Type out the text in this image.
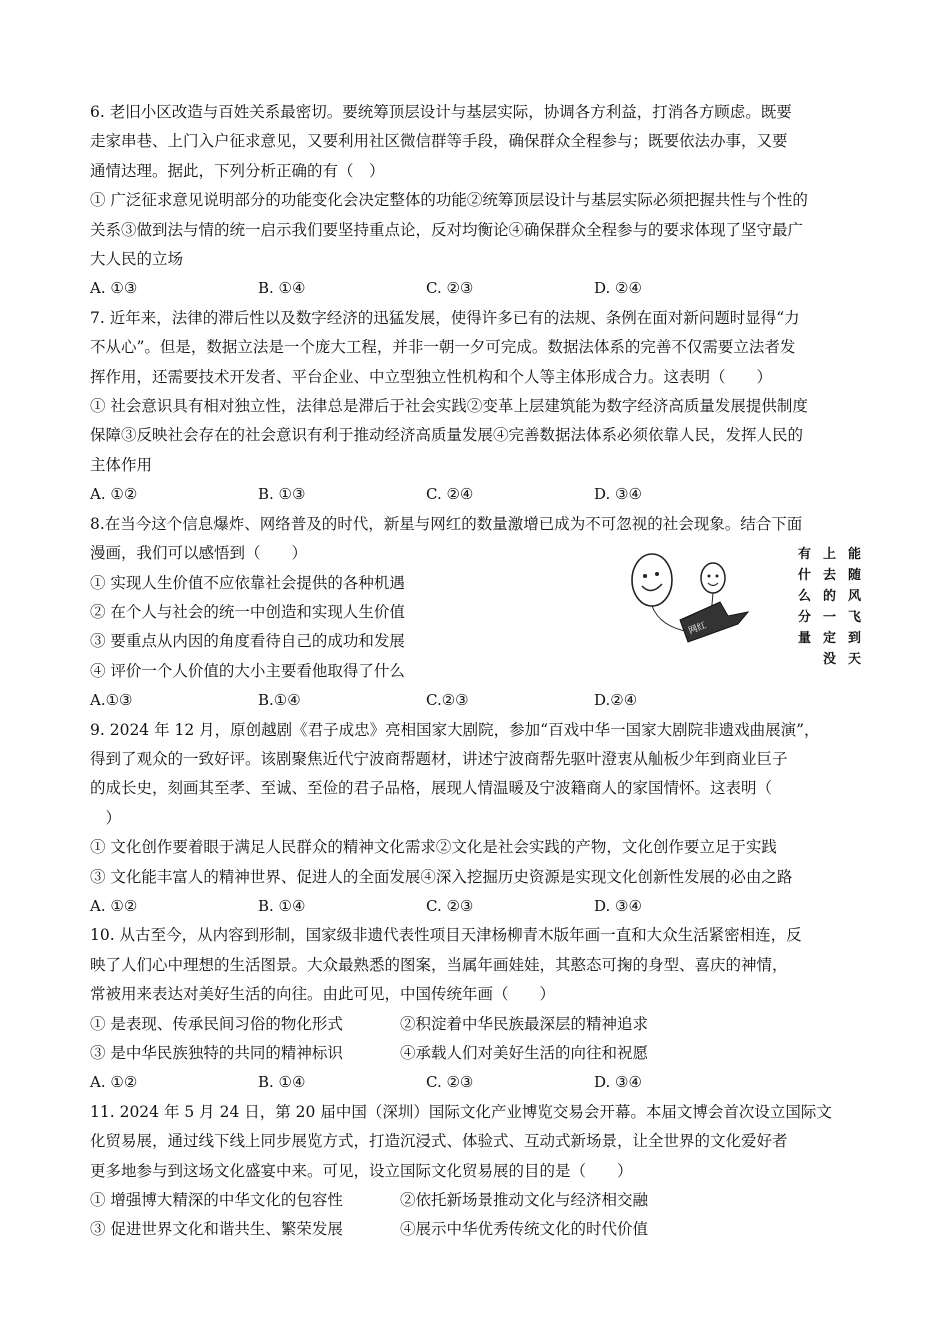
6. 老旧小区改造与百姓关系最密切。要统筹顶层设计与基层实际，协调各方利益，打消各方顾虑。既要

走家串巷、上门入户征求意见，又要利用社区微信群等手段，确保群众全程参与；既要依法办事，又要

通情达理。据此，下列分析正确的有（　）

① 广泛征求意见说明部分的功能变化会决定整体的功能②统筹顶层设计与基层实际必须把握共性与个性的

关系③做到法与情的统一启示我们要坚持重点论，反对均衡论④确保群众全程参与的要求体现了坚守最广

大人民的立场

A. ①③	B. ①④	C. ②③	D. ②④

7. 近年来，法律的滞后性以及数字经济的迅猛发展，使得许多已有的法规、条例在面对新问题时显得“力

不从心”。但是，数据立法是一个庞大工程，并非一朝一夕可完成。数据法体系的完善不仅需要立法者发

挥作用，还需要技术开发者、平台企业、中立型独立性机构和个人等主体形成合力。这表明（　　）

① 社会意识具有相对独立性，法律总是滞后于社会实践②变革上层建筑能为数字经济高质量发展提供制度

保障③反映社会存在的社会意识有利于推动经济高质量发展④完善数据法体系必须依靠人民，发挥人民的

主体作用

A. ①②	B. ①③	C. ②④	D. ③④

8.在当今这个信息爆炸、网络普及的时代，新星与网红的数量激增已成为不可忽视的社会现象。结合下面

漫画，我们可以感悟到（　　）

① 实现人生价值不应依靠社会提供的各种机遇

② 在个人与社会的统一中创造和实现人生价值

③ 要重点从内因的角度看待自己的成功和发展

④ 评价一个人价值的大小主要看他取得了什么

A.①③	B.①④	C.②③	D.②④
网红
能
随
风
飞
到
天
上
去
的
一
定
没
有
什
么
分
量

9. 2024 年 12 月，原创越剧《君子成忠》亮相国家大剧院，参加“百戏中华一国家大剧院非遗戏曲展演”，

得到了观众的一致好评。该剧聚焦近代宁波商帮题材，讲述宁波商帮先驱叶澄衷从舢板少年到商业巨子

的成长史，刻画其至孝、至诚、至俭的君子品格，展现人情温暖及宁波籍商人的家国情怀。这表明（

　）

① 文化创作要着眼于满足人民群众的精神文化需求②文化是社会实践的产物，文化创作要立足于实践

③ 文化能丰富人的精神世界、促进人的全面发展④深入挖掘历史资源是实现文化创新性发展的必由之路

A. ①②	B. ①④	C. ②③	D. ③④

10. 从古至今，从内容到形制，国家级非遗代表性项目天津杨柳青木版年画一直和大众生活紧密相连，反

映了人们心中理想的生活图景。大众最熟悉的图案，当属年画娃娃，其憨态可掬的身型、喜庆的神情，

常被用来表达对美好生活的向往。由此可见，中国传统年画（　　）

① 是表现、传承民间习俗的物化形式	②积淀着中华民族最深层的精神追求

③ 是中华民族独特的共同的精神标识	④承载人们对美好生活的向往和祝愿

A. ①②	B. ①④	C. ②③	D. ③④

11. 2024 年 5 月 24 日，第 20 届中国（深圳）国际文化产业博览交易会开幕。本届文博会首次设立国际文

化贸易展，通过线下线上同步展览方式，打造沉浸式、体验式、互动式新场景，让全世界的文化爱好者

更多地参与到这场文化盛宴中来。可见，设立国际文化贸易展的目的是（　　）

① 增强博大精深的中华文化的包容性	②依托新场景推动文化与经济相交融

③ 促进世界文化和谐共生、繁荣发展	④展示中华优秀传统文化的时代价值
